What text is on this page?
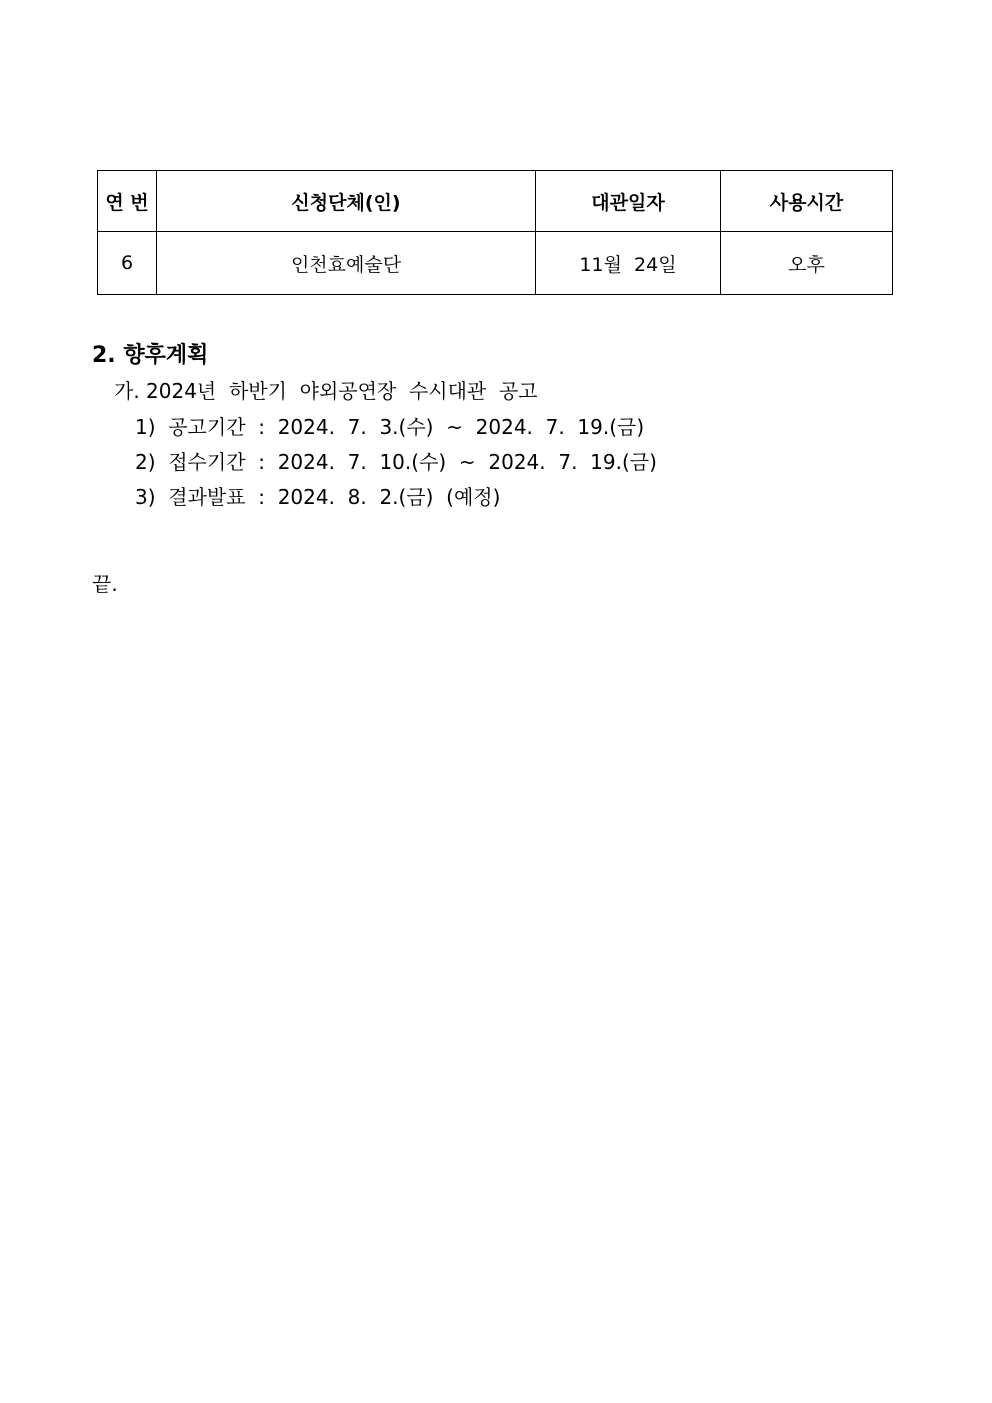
연 번	신청단체(인)	대관일자	사용시간
6	인천효예술단	11월  24일	오후
2. 향후계획
가. 2024년  하반기  야외공연장  수시대관  공고
1)  공고기간  :  2024.  7.  3.(수)  ~  2024.  7.  19.(금)
2)  접수기간  :  2024.  7.  10.(수)  ~  2024.  7.  19.(금)
3)  결과발표  :  2024.  8.  2.(금)  (예정)
끝.
